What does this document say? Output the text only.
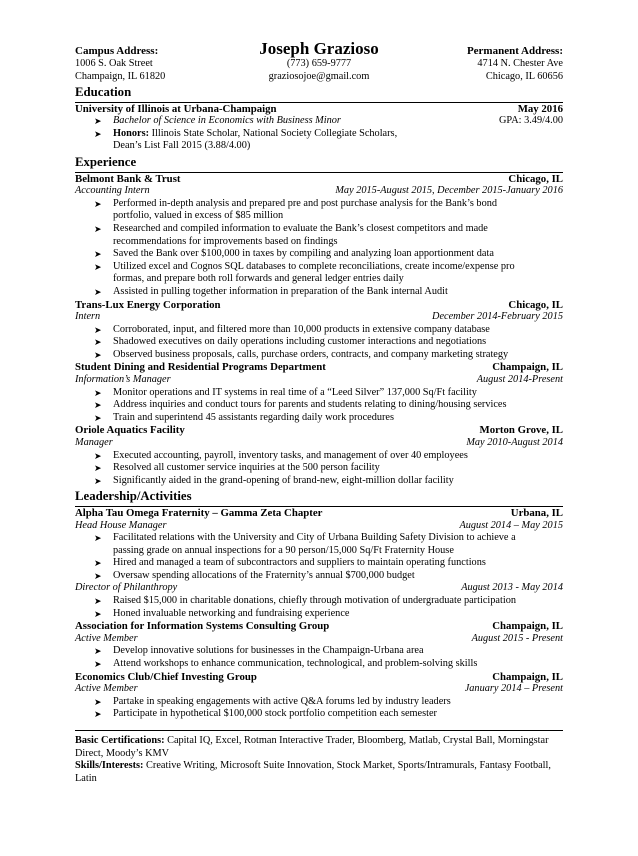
Campus Address:	Joseph Grazioso	Permanent Address:
1006 S. Oak Street	(773) 659-9777	4714 N. Chester Ave
Champaign, IL 61820	graziosojoe@gmail.com	Chicago, IL 60656
Education
University of Illinois at Urbana-Champaign	May 2016
➤ Bachelor of Science in Economics with Business Minor	GPA: 3.49/4.00
➤ Honors: Illinois State Scholar, National Society Collegiate Scholars,
Dean’s List Fall 2015 (3.88/4.00)
Experience
Belmont Bank & Trust	Chicago, IL
Accounting Intern	May 2015-August 2015, December 2015-January 2016
➤ Performed in-depth analysis and prepared pre and post purchase analysis for the Bank’s bond
portfolio, valued in excess of $85 million
➤ Researched and compiled information to evaluate the Bank’s closest competitors and made
recommendations for improvements based on findings
➤ Saved the Bank over $100,000 in taxes by compiling and analyzing loan apportionment data
➤ Utilized excel and Cognos SQL databases to complete reconciliations, create income/expense pro
formas, and prepare both roll forwards and general ledger entries daily
➤ Assisted in pulling together information in preparation of the Bank internal Audit
Trans-Lux Energy Corporation	Chicago, IL
Intern	December 2014-February 2015
➤ Corroborated, input, and filtered more than 10,000 products in extensive company database
➤ Shadowed executives on daily operations including customer interactions and negotiations
➤ Observed business proposals, calls, purchase orders, contracts, and company marketing strategy
Student Dining and Residential Programs Department	Champaign, IL
Information’s Manager	August 2014-Present
➤ Monitor operations and IT systems in real time of a “Leed Silver” 137,000 Sq/Ft facility
➤ Address inquiries and conduct tours for parents and students relating to dining/housing services
➤ Train and superintend 45 assistants regarding daily work procedures
Oriole Aquatics Facility	Morton Grove, IL
Manager	May 2010-August 2014
➤ Executed accounting, payroll, inventory tasks, and management of over 40 employees
➤ Resolved all customer service inquiries at the 500 person facility
➤ Significantly aided in the grand-opening of brand-new, eight-million dollar facility
Leadership/Activities
Alpha Tau Omega Fraternity – Gamma Zeta Chapter	Urbana, IL
Head House Manager	August 2014 – May 2015
➤ Facilitated relations with the University and City of Urbana Building Safety Division to achieve a
passing grade on annual inspections for a 90 person/15,000 Sq/Ft Fraternity House
➤ Hired and managed a team of subcontractors and suppliers to maintain operating functions
➤ Oversaw spending allocations of the Fraternity’s annual $700,000 budget
Director of Philanthropy	August 2013 - May 2014
➤ Raised $15,000 in charitable donations, chiefly through motivation of undergraduate participation
➤ Honed invaluable networking and fundraising experience
Association for Information Systems Consulting Group	Champaign, IL
Active Member	August 2015 - Present
➤ Develop innovative solutions for businesses in the Champaign-Urbana area
➤ Attend workshops to enhance communication, technological, and problem-solving skills
Economics Club/Chief Investing Group	Champaign, IL
Active Member	January 2014 – Present
➤ Partake in speaking engagements with active Q&A forums led by industry leaders
➤ Participate in hypothetical $100,000 stock portfolio competition each semester

Basic Certifications: Capital IQ, Excel, Rotman Interactive Trader, Bloomberg, Matlab, Crystal Ball, Morningstar Direct, Moody’s KMV

Skills/Interests: Creative Writing, Microsoft Suite Innovation, Stock Market, Sports/Intramurals, Fantasy Football, Latin
